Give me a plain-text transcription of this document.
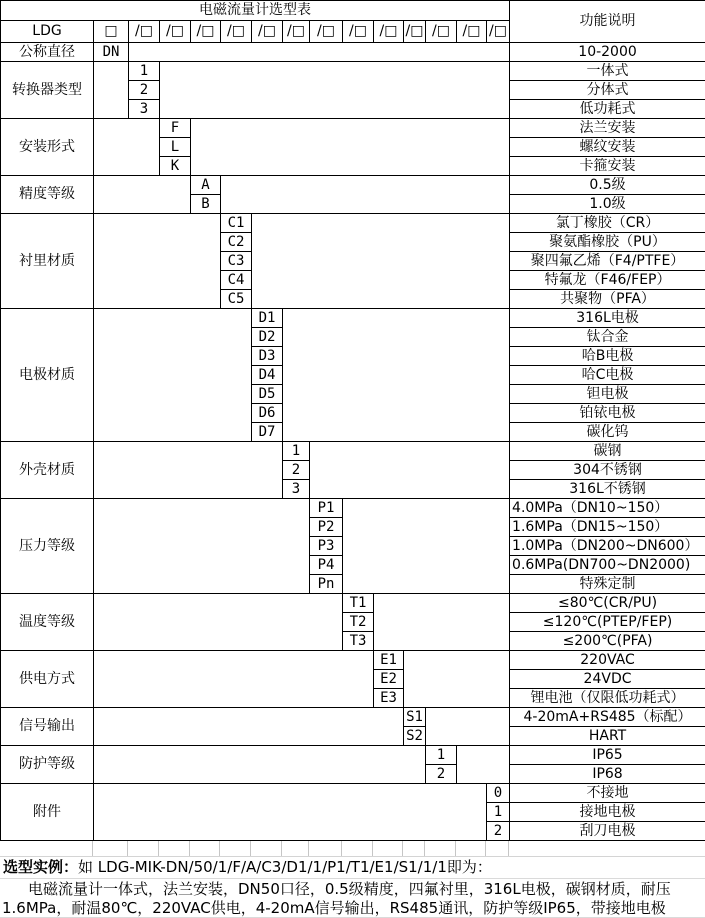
电磁流量计选型表															功能说明
LDG	□	/□	/□	/□	/□	/□	/□	/□	/□	/□	/□	/□	/□	/□	
公称直径	DN														10-2000
转换器类型		1													一体式
		2													分体式
		3													低功耗式
安装形式			F												法兰安装
			L												螺纹安装
			K												卡箍安装
精度等级				A											0.5级
				B											1.0级
衬里材质					C1										氯丁橡胶（CR）
					C2										聚氨酯橡胶（PU）
					C3										聚四氟乙烯（F4/PTFE）
					C4										特氟龙（F46/FEP）
					C5										共聚物（PFA）
电极材质						D1									316L电极
						D2									钛合金
						D3									哈B电极
						D4									哈C电极
						D5									钽电极
						D6									铂铱电极
						D7									碳化钨
外壳材质							1								碳钢
							2								304不锈钢
							3								316L不锈钢
压力等级								P1							4.0MPa（DN10~150）
								P2							1.6MPa（DN15~150）
								P3							1.0MPa（DN200~DN600）
								P4							0.6MPa(DN700~DN2000)
								Pn							特殊定制
温度等级									T1						≤80℃(CR/PU)
									T2						≤120℃(PTEP/FEP)
									T3						≤200℃(PFA)
供电方式										E1					220VAC
										E2					24VDC
										E3					锂电池（仅限低功耗式）
信号输出											S1				4-20mA+RS485（标配）
											S2				HART
防护等级												1			IP65
												2			IP68
附件														0	不接地
														1	接地电极
														2	刮刀电极
选型实例：如 LDG-MIK-DN/50/1/F/A/C3/D1/1/P1/T1/E1/S1/1/1即为：
电磁流量计一体式，法兰安装，DN50口径，0.5级精度，四氟衬里，316L电极，碳钢材质，耐压
1.6MPa，耐温80℃，220VAC供电，4-20mA信号输出，RS485通讯，防护等级IP65，带接地电极
